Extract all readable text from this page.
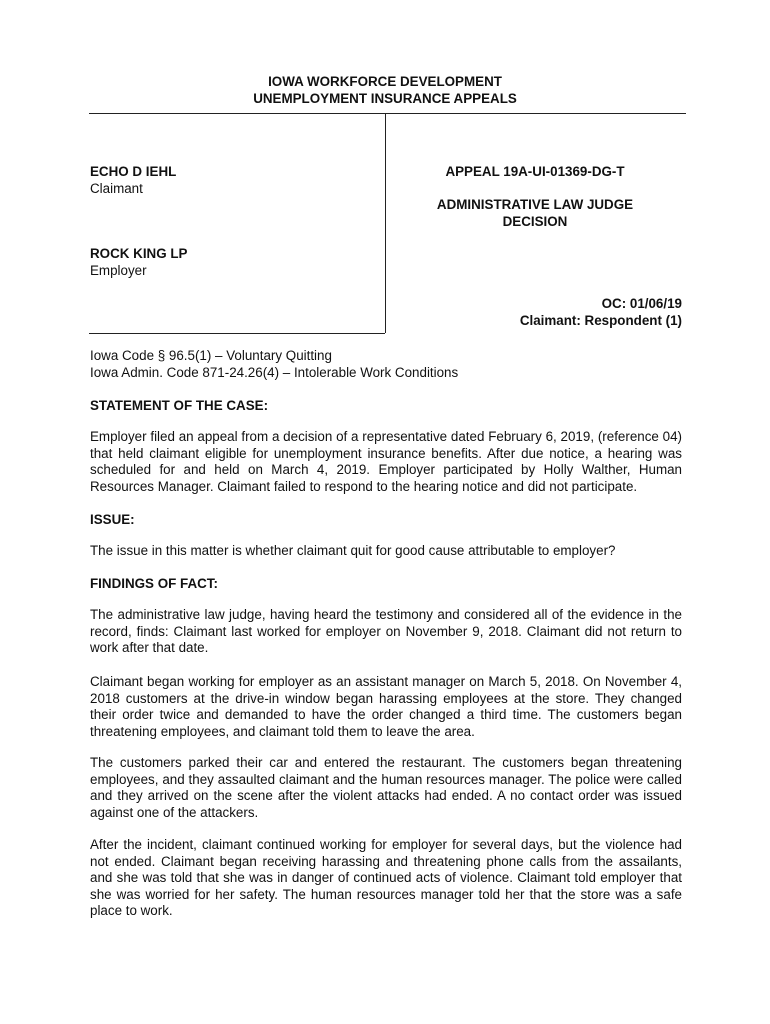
IOWA WORKFORCE DEVELOPMENT
UNEMPLOYMENT INSURANCE APPEALS
ECHO D IEHL
Claimant
ROCK KING LP
Employer
APPEAL 19A-UI-01369-DG-T
ADMINISTRATIVE LAW JUDGE
DECISION
OC: 01/06/19
Claimant: Respondent (1)
Iowa Code § 96.5(1) – Voluntary Quitting
Iowa Admin. Code 871-24.26(4) – Intolerable Work Conditions

STATEMENT OF THE CASE:

Employer filed an appeal from a decision of a representative dated February 6, 2019, (reference 04) that held claimant eligible for unemployment insurance benefits. After due notice, a hearing was scheduled for and held on March 4, 2019. Employer participated by Holly Walther, Human Resources Manager. Claimant failed to respond to the hearing notice and did not participate.

ISSUE:

The issue in this matter is whether claimant quit for good cause attributable to employer?

FINDINGS OF FACT:

The administrative law judge, having heard the testimony and considered all of the evidence in the record, finds: Claimant last worked for employer on November 9, 2018. Claimant did not return to work after that date.

Claimant began working for employer as an assistant manager on March 5, 2018. On November 4, 2018 customers at the drive-in window began harassing employees at the store. They changed their order twice and demanded to have the order changed a third time. The customers began threatening employees, and claimant told them to leave the area.

The customers parked their car and entered the restaurant. The customers began threatening employees, and they assaulted claimant and the human resources manager. The police were called and they arrived on the scene after the violent attacks had ended. A no contact order was issued against one of the attackers.

After the incident, claimant continued working for employer for several days, but the violence had not ended. Claimant began receiving harassing and threatening phone calls from the assailants, and she was told that she was in danger of continued acts of violence. Claimant told employer that she was worried for her safety. The human resources manager told her that the store was a safe place to work.
